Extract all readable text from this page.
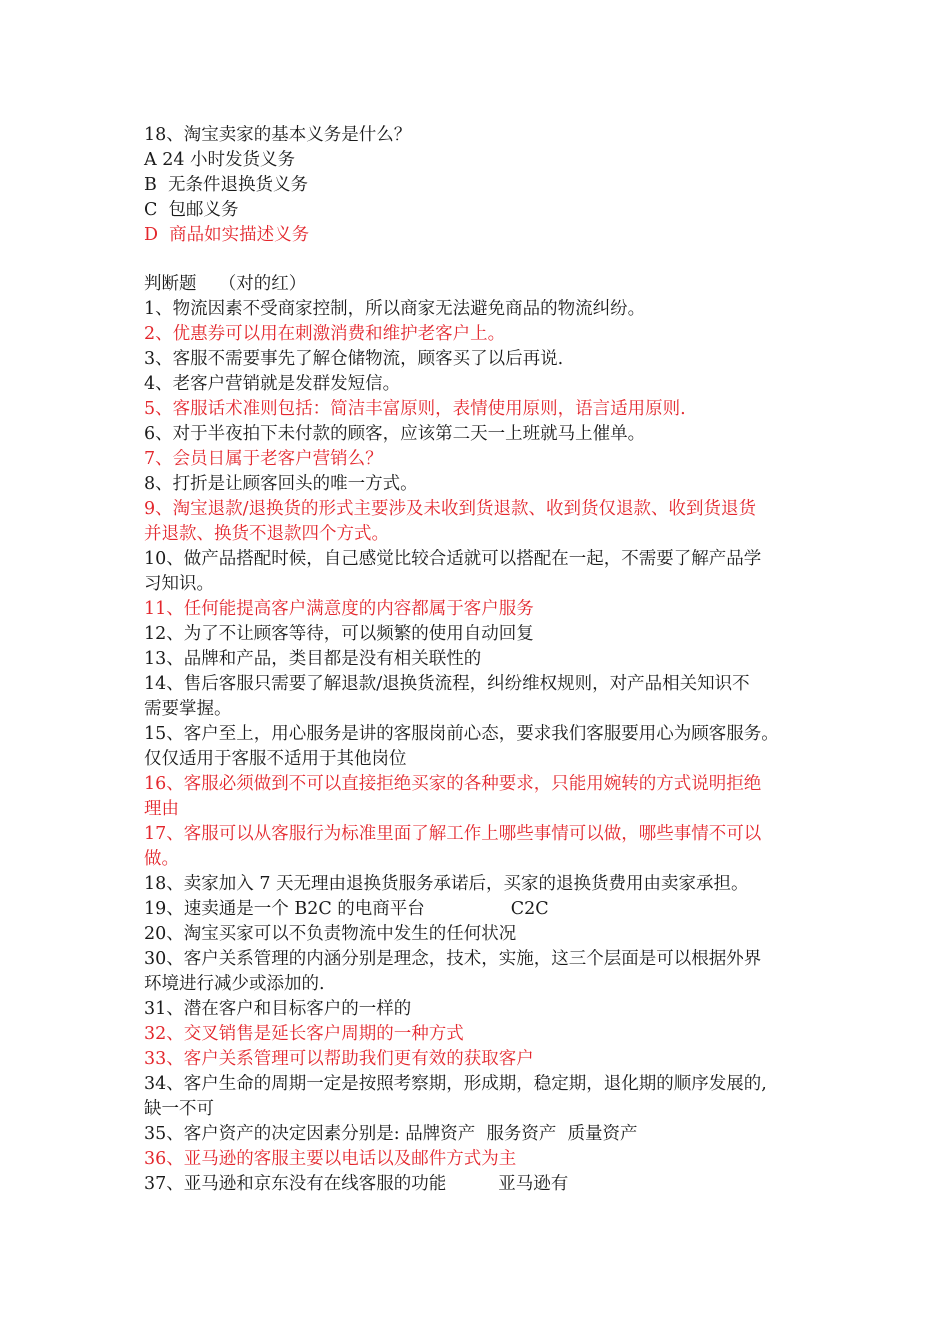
18、淘宝卖家的基本义务是什么？

A 24 小时发货义务

B  无条件退换货义务

C  包邮义务

D  商品如实描述义务

判断题    （对的红）

1、物流因素不受商家控制，所以商家无法避免商品的物流纠纷。

2、优惠券可以用在刺激消费和维护老客户上。

3、客服不需要事先了解仓储物流，顾客买了以后再说.

4、老客户营销就是发群发短信。

5、客服话术准则包括：简洁丰富原则，表情使用原则，语言适用原则.

6、对于半夜拍下未付款的顾客，应该第二天一上班就马上催单。

7、会员日属于老客户营销么？

8、打折是让顾客回头的唯一方式。

9、淘宝退款/退换货的形式主要涉及未收到货退款、收到货仅退款、收到货退货

并退款、换货不退款四个方式。

10、做产品搭配时候，自己感觉比较合适就可以搭配在一起，不需要了解产品学

习知识。

11、任何能提高客户满意度的内容都属于客户服务

12、为了不让顾客等待，可以频繁的使用自动回复

13、品牌和产品，类目都是没有相关联性的

14、售后客服只需要了解退款/退换货流程，纠纷维权规则，对产品相关知识不

需要掌握。

15、客户至上，用心服务是讲的客服岗前心态，要求我们客服要用心为顾客服务。

仅仅适用于客服不适用于其他岗位

16、客服必须做到不可以直接拒绝买家的各种要求，只能用婉转的方式说明拒绝

理由

17、客服可以从客服行为标准里面了解工作上哪些事情可以做，哪些事情不可以

做。

18、卖家加入 7 天无理由退换货服务承诺后，买家的退换货费用由卖家承担。

19、速卖通是一个 B2C 的电商平台	C2C

20、淘宝买家可以不负责物流中发生的任何状况

30、客户关系管理的内涵分别是理念，技术，实施，这三个层面是可以根据外界

环境进行减少或添加的.

31、潜在客户和目标客户的一样的

32、交叉销售是延长客户周期的一种方式

33、客户关系管理可以帮助我们更有效的获取客户

34、客户生命的周期一定是按照考察期，形成期，稳定期，退化期的顺序发展的,

缺一不可

35、客户资产的决定因素分别是: 品牌资产  服务资产  质量资产

36、亚马逊的客服主要以电话以及邮件方式为主

37、亚马逊和京东没有在线客服的功能	亚马逊有
